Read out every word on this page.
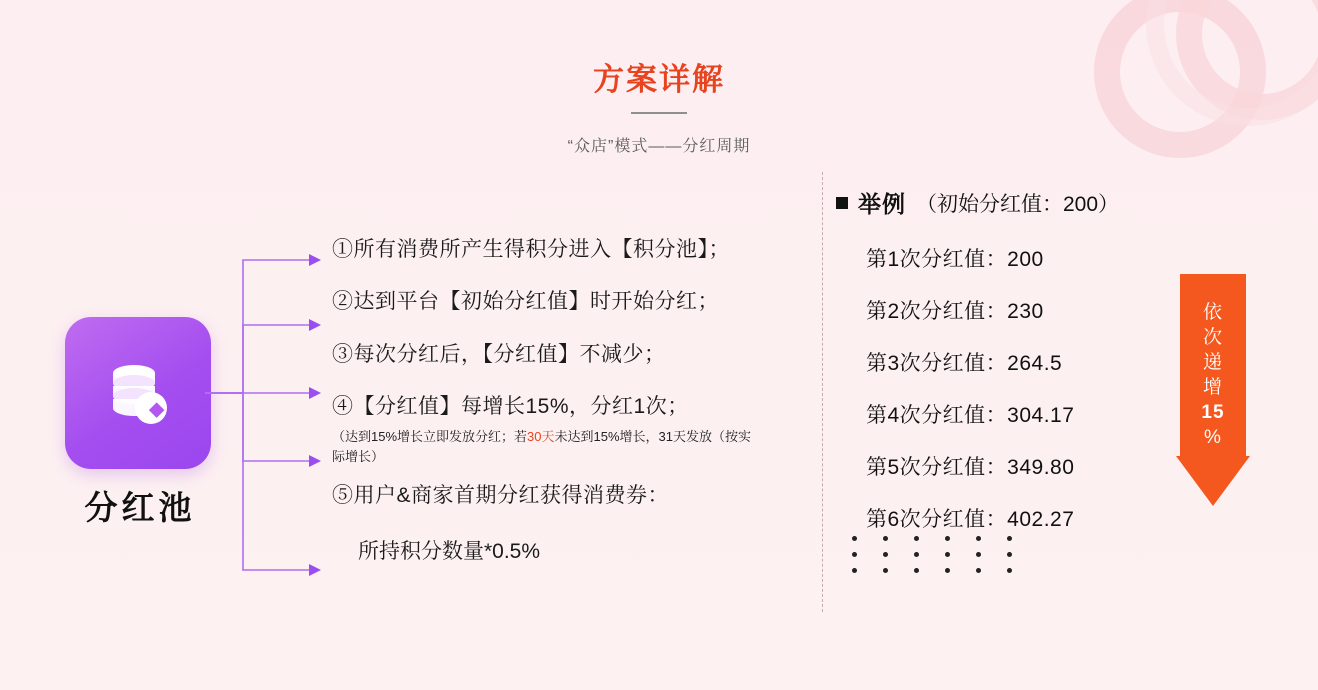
方案详解
“众店”模式——分红周期
分红池
①所有消费所产生得积分进入【积分池】；
②达到平台【初始分红值】时开始分红；
③每次分红后，【分红值】不减少；
④【分红值】每增长15%，分红1次；
（达到15%增长立即发放分红；若30天未达到15%增长，31天发放（按实际增长）
⑤用户&商家首期分红获得消费券：
所持积分数量*0.5%
举例 （初始分红值：200）
第1次分红值：200
第2次分红值：230
第3次分红值：264.5
第4次分红值：304.17
第5次分红值：349.80
第6次分红值：402.27
依
次
递
增
15
%
